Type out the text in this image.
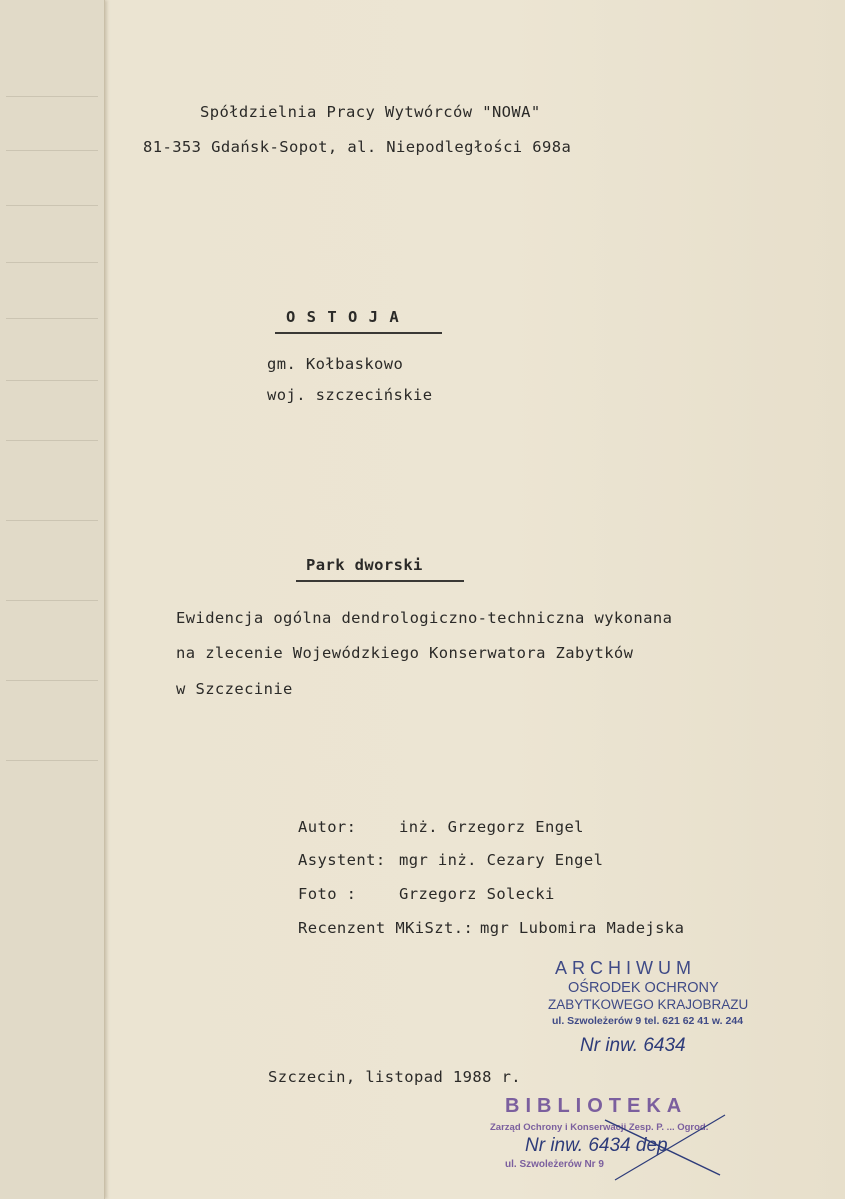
Spółdzielnia Pracy Wytwórców "NOWA"
81-353 Gdańsk-Sopot, al. Niepodległości 698a
O S T O J A
gm. Kołbaskowo
woj. szczecińskie
Park dworski
Ewidencja ogólna dendrologiczno-techniczna wykonana
na zlecenie Wojewódzkiego Konserwatora Zabytków
w Szczecinie
Autor:	inż. Grzegorz Engel
Asystent: mgr inż. Cezary Engel
Foto :	Grzegorz Solecki
Recenzent MKiSzt.: mgr Lubomira Madejska
ARCHIWUM
OŚRODEK OCHRONY
ZABYTKOWEGO KRAJOBRAZU
ul. Szwoleżerów 9 tel. 621 62 41 w. 244
Nr inw. 6434
Szczecin, listopad 1988 r.
BIBLIOTEKA
Zarząd Ochrony i Konserwacji Zesp. P. ... Ogrod.
Nr inw. 6434 dep
ul. Szwoleżerów Nr 9
